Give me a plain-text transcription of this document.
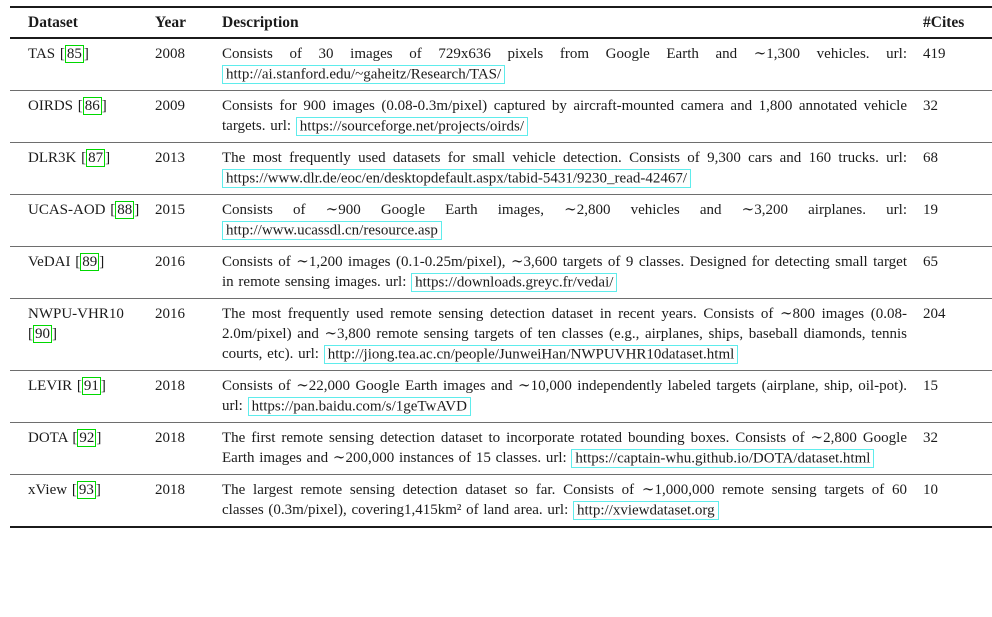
Dataset	Year	Description	#Cites
TAS [ 85 ]	2008	Consists of 30 images of 729x636 pixels from Google Earth and ∼1,300 vehicles. url: http://ai.stanford.edu/~gaheitz/Research/TAS/	419
OIRDS [ 86 ]	2009	Consists for 900 images (0.08-0.3m/pixel) captured by aircraft-mounted camera and 1,800 annotated vehicle targets. url: https://sourceforge.net/projects/oirds/	32
DLR3K [ 87 ]	2013	The most frequently used datasets for small vehicle detection. Consists of 9,300 cars and 160 trucks. url: https://www.dlr.de/eoc/en/desktopdefault.aspx/tabid-5431/9230_read-42467/	68
UCAS-AOD [ 88 ]	2015	Consists of ∼900 Google Earth images, ∼2,800 vehicles and ∼3,200 airplanes. url: http://www.ucassdl.cn/resource.asp	19
VeDAI [ 89 ]	2016	Consists of ∼1,200 images (0.1-0.25m/pixel), ∼3,600 targets of 9 classes. Designed for detecting small target in remote sensing images. url: https://downloads.greyc.fr/vedai/	65
NWPU-VHR10 [ 90 ]	2016	The most frequently used remote sensing detection dataset in recent years. Consists of ∼800 images (0.08-2.0m/pixel) and ∼3,800 remote sensing targets of ten classes (e.g., airplanes, ships, baseball diamonds, tennis courts, etc). url: http://jiong.tea.ac.cn/people/JunweiHan/NWPUVHR10dataset.html	204
LEVIR [ 91 ]	2018	Consists of ∼22,000 Google Earth images and ∼10,000 independently labeled targets (airplane, ship, oil-pot). url: https://pan.baidu.com/s/1geTwAVD	15
DOTA [ 92 ]	2018	The first remote sensing detection dataset to incorporate rotated bounding boxes. Consists of ∼2,800 Google Earth images and ∼200,000 instances of 15 classes. url: https://captain-whu.github.io/DOTA/dataset.html	32
xView [ 93 ]	2018	The largest remote sensing detection dataset so far. Consists of ∼1,000,000 remote sensing targets of 60 classes (0.3m/pixel), covering1,415km² of land area. url: http://xviewdataset.org	10
